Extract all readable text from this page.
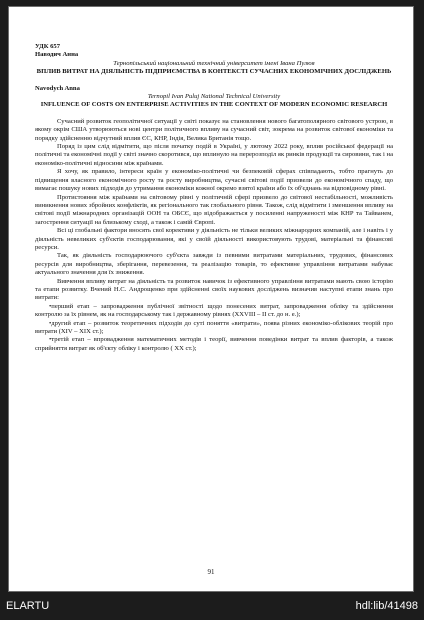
УДК 657
Наводич Анна
Тернопільський національний технічний університет імені Івана Пулюя
ВПЛИВ ВИТРАТ НА ДІЯЛЬНІСТЬ ПІДПРИЄМСТВА В КОНТЕКСТІ СУЧАСНИХ ЕКОНОМІЧНИХ ДОСЛІДЖЕНЬ
Navodych Anna
Ternopil Ivan Puluj National Technical University
INFLUENCE OF COSTS ON ENTERPRISE ACTIVITIES IN THE CONTEXT OF MODERN ECONOMIC RESEARCH

Сучасний розвиток геополітичної ситуації у світі показує на становлення нового багатополярного світового устрою, в якому окрім США утворюються нові центри політичного впливу на сучасний світ, зокрема на розвиток світової економіки та порядку здійсненню відчутний вплив ЄС, КНР, Індія, Велика Британія тощо.

Поряд із цим слід відмітити, що після початку подій в Україні, у лютому 2022 року, вплив російської федерації на політичні та економічні події у світі значно скоротився, що вплинуло на перерозподіл як ринків продукції та сировини, так і на економіко-політичні відносини між країнами.

Я хочу, як правило, інтереси країн у економіко-політичні чи безпековій сферах співпадають, тобто прагнуть до підвищення власного економічного росту та росту виробництва, сучасні світові події призвели до економічного спаду, що вимагає пошуку нових підходів до утримання економіки кожної окремо взятої країни або їх об'єднань на відповідному рівні.

Протистояння між країнами на світовому рівні у політичній сфері призвело до світової нестабільності, можливість виникнення нових збройних конфліктів, як регіонального так глобального рівня. Також, слід відмітити і зменшення впливу на світові події міжнародних організацій ООН та ОБСЄ, що відображається у посиленні напруженості між КНР та Тайванем, загострення ситуації на близькому сході, а також і самій Європі.

Всі ці глобальні фактори вносять свої корективи у діяльність не тільки великих міжнародних компаній, але і навіть і у діяльність невеликих суб'єктів господарювання, які у своїй діяльності використовують трудові, матеріальні та фінансові ресурси.

Так, як діяльність господарюючого суб'єкта завжди із певними витратами матеріальних, трудових, фінансових ресурсів для виробництва, зберігання, перевезення, та реалізацію товарів, то ефективне управління витратами набуває актуального значення для їх зниження.

Вивчення впливу витрат на діяльність та розвиток навичок із ефективного управління витратами мають свою історію та етапи розвитку. Вчений Н.С. Андрощенко при здійсненні своїх наукових досліджень визначив наступні етапи знань про витрати:

•перший етап – запровадження публічної звітності щодо понесених витрат, запровадження обліку та здійснення контролю за їх рівнем, як на господарському так і державному рівнях (XXVIII – ІІ ст. до н. е.);

•другий етап – розвиток теоретичних підходів до суті поняття «витрати», поява різних економіко-облікових теорій про витрати (XIV – XIX ст.);

•третій етап – впровадження математичних методів і теорії, вивчення поведінки витрат та вплив факторів, а також сприйняття витрат як об'єкту обліку і контролю ( XX ст.);

91
ELARTU	hdl:lib/41498
